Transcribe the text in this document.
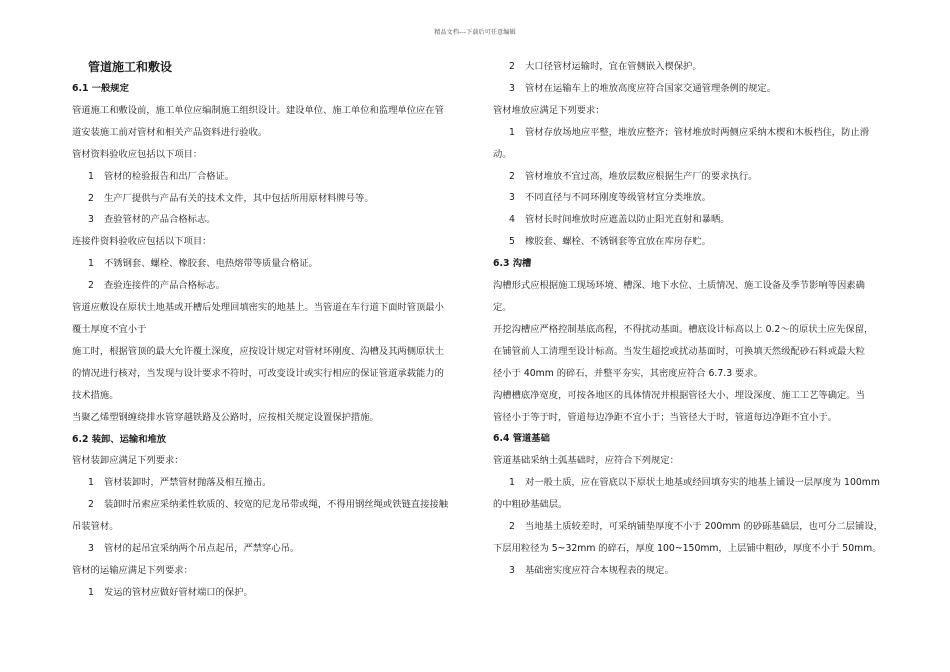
精品文档---下载后可任意编辑

管道施工和敷设

6.1 一般规定

管道施工和敷设前，施工单位应编制施工组织设计。建设单位、施工单位和监理单位应在管

道安装施工前对管材和相关产品资料进行验收。

管材资料验收应包括以下项目：

1 管材的检验报告和出厂合格证。

2 生产厂提供与产品有关的技术文件，其中包括所用原材料牌号等。

3 查验管材的产品合格标志。

连接件资料验收应包括以下项目：

1 不锈钢套、螺栓、橡胶套、电热熔带等质量合格证。

2 查验连接件的产品合格标志。

管道应敷设在原状土地基或开槽后处理回填密实的地基上。当管道在车行道下面时管顶最小

覆土厚度不宜小于

施工时，根据管顶的最大允许覆土深度，应按设计规定对管材环刚度、沟槽及其两侧原状土

的情况进行核对，当发现与设计要求不符时，可改变设计或实行相应的保证管道承载能力的

技术措施。

当聚乙烯塑钢缠绕排水管穿越铁路及公路时，应按相关规定设置保护措施。

6.2 装卸、运输和堆放

管材装卸应满足下列要求：

1 管材装卸时，严禁管材抛落及相互撞击。

2 装卸时吊索应采纳柔性软质的、较宽的尼龙吊带或绳，不得用钢丝绳或铁链直接接触

吊装管材。

3 管材的起吊宜采纳两个吊点起吊，严禁穿心吊。

管材的运输应满足下列要求：

1 发运的管材应做好管材端口的保护。

2 大口径管材运输时，宜在管侧嵌入楔保护。

3 管材在运输车上的堆放高度应符合国家交通管理条例的规定。

管材堆放应满足下列要求：

1 管材存放场地应平整，堆放应整齐；管材堆放时两侧应采纳木楔和木板档住，防止滑

动。

2 管材堆放不宜过高，堆放层数应根据生产厂的要求执行。

3 不同直径与不同环刚度等级管材宜分类堆放。

4 管材长时间堆放时应遮盖以防止阳光直射和暴晒。

5 橡胶套、螺栓、不锈钢套等宜放在库房存贮。

6.3 沟槽

沟槽形式应根据施工现场环境、槽深、地下水位、土质情况、施工设备及季节影响等因素确

定。

开挖沟槽应严格控制基底高程，不得扰动基面。槽底设计标高以上 0.2～的原状土应先保留，

在铺管前人工清理至设计标高。当发生超挖或扰动基面时，可换填天然级配砂石料或最大粒

径小于 40mm 的碎石，并整平夯实，其密度应符合 6.7.3 要求。

沟槽槽底净宽度，可按各地区的具体情况并根据管径大小、埋设深度、施工工艺等确定。当

管径小于等于时，管道每边净距不宜小于；当管径大于时，管道每边净距不宜小于。

6.4 管道基础

管道基础采纳土弧基础时，应符合下列规定：

1 对一般土质，应在管底以下原状土地基或经回填夯实的地基上铺设一层厚度为 100mm

的中粗砂基础层。

2 当地基土质较差时，可采纳铺垫厚度不小于 200mm 的砂砾基础层，也可分二层铺设，

下层用粒径为 5~32mm 的碎石，厚度 100~150mm，上层铺中粗砂，厚度不小于 50mm。

3 基础密实度应符合本规程表的规定。
